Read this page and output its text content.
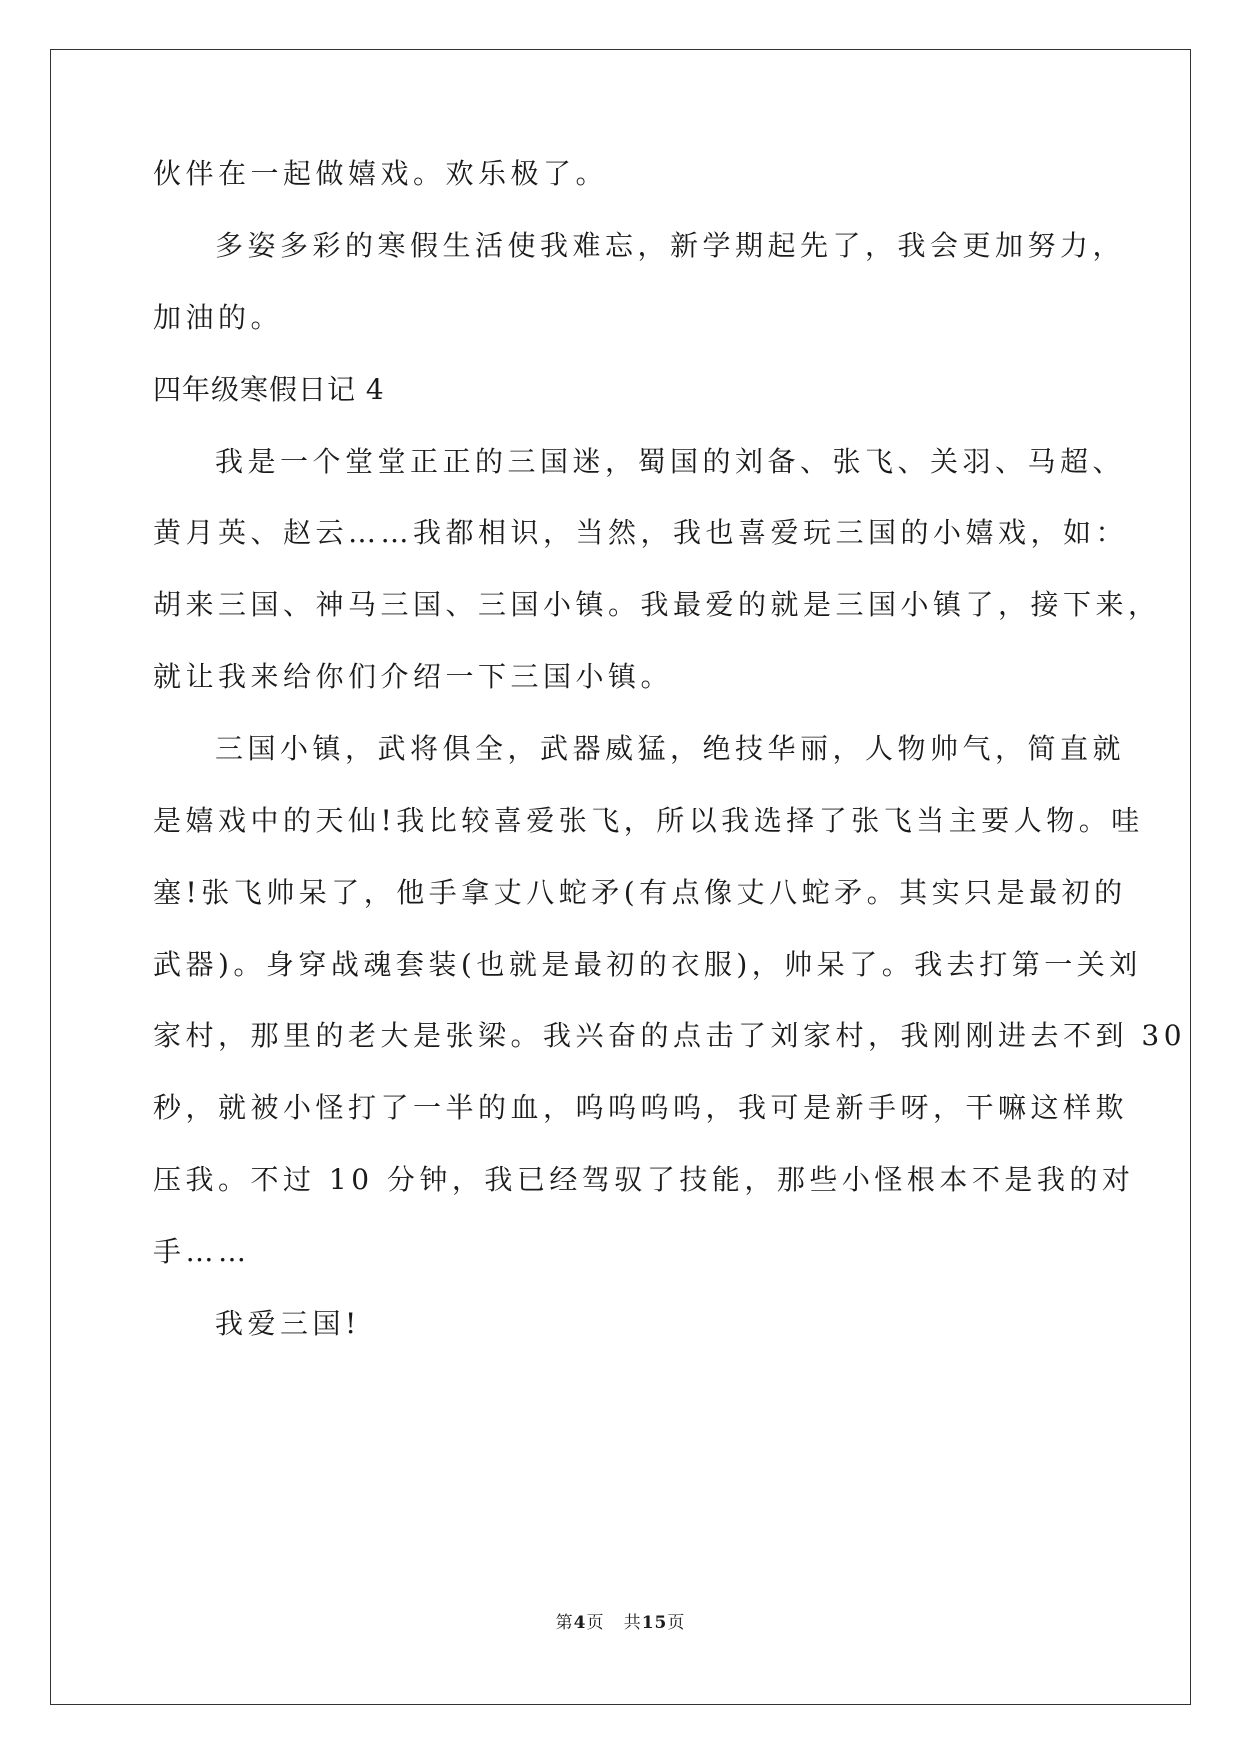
伙伴在一起做嬉戏。欢乐极了。
多姿多彩的寒假生活使我难忘，新学期起先了，我会更加努力，
加油的。
四年级寒假日记 4
我是一个堂堂正正的三国迷，蜀国的刘备、张飞、关羽、马超、
黄月英、赵云……我都相识，当然，我也喜爱玩三国的小嬉戏，如：
胡来三国、神马三国、三国小镇。我最爱的就是三国小镇了，接下来，
就让我来给你们介绍一下三国小镇。
三国小镇，武将俱全，武器威猛，绝技华丽，人物帅气，简直就
是嬉戏中的天仙!我比较喜爱张飞，所以我选择了张飞当主要人物。哇
塞!张飞帅呆了，他手拿丈八蛇矛(有点像丈八蛇矛。其实只是最初的
武器)。身穿战魂套装(也就是最初的衣服)，帅呆了。我去打第一关刘
家村，那里的老大是张梁。我兴奋的点击了刘家村，我刚刚进去不到 30
秒，就被小怪打了一半的血，呜呜呜呜，我可是新手呀，干嘛这样欺
压我。不过 10 分钟，我已经驾驭了技能，那些小怪根本不是我的对
手……
我爱三国!
第4页 共15页
